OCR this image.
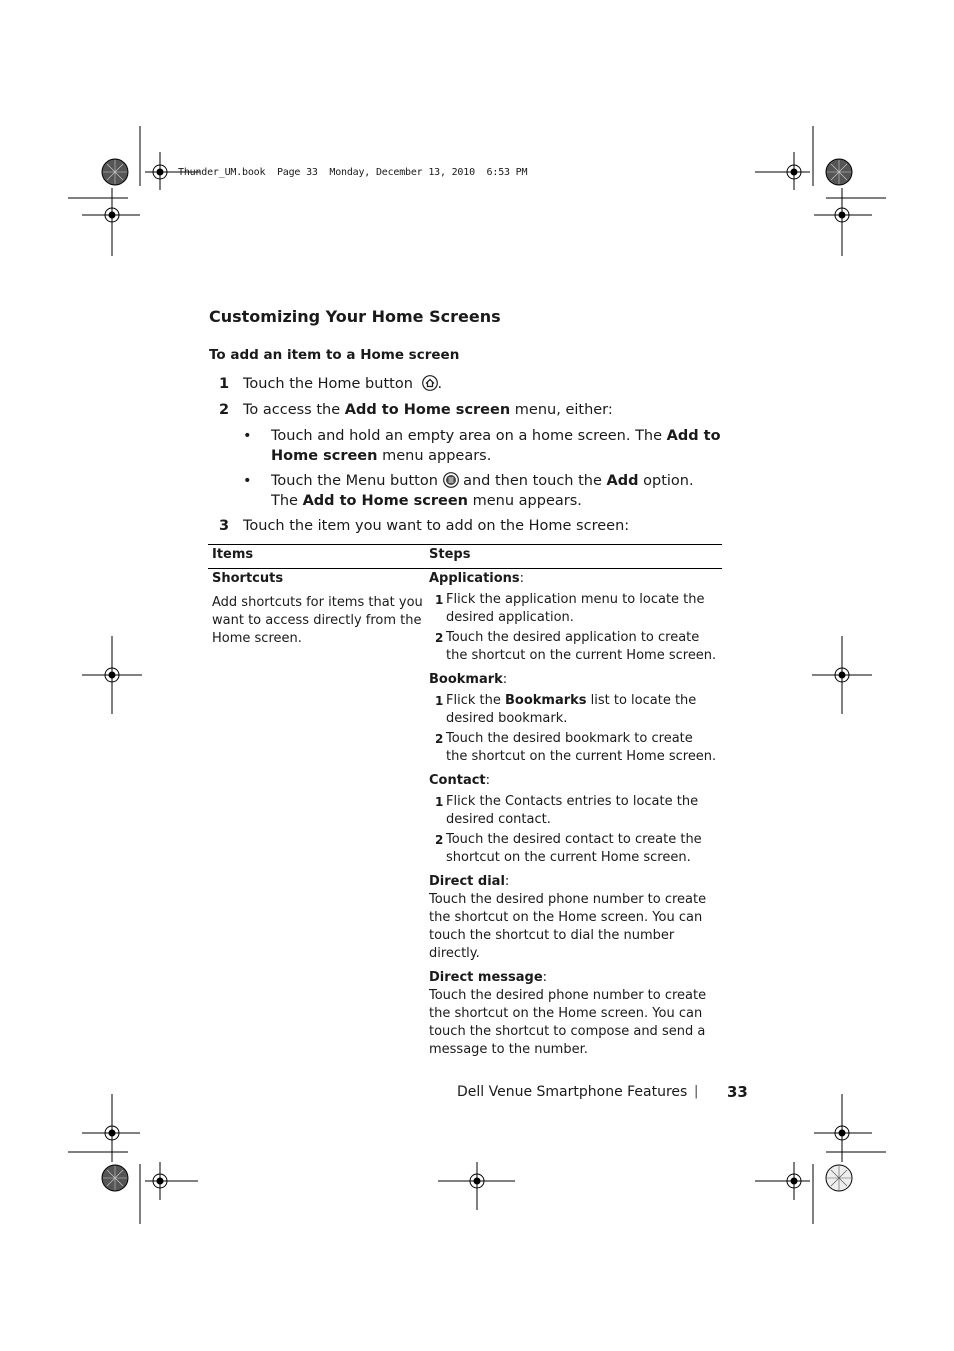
Thunder_UM.book Page 33 Monday, December 13, 2010 6:53 PM
Customizing Your Home Screens
To add an item to a Home screen
1 Touch the Home button .
2 To access the Add to Home screen menu, either:
• Touch and hold an empty area on a home screen. The Add to
Home screen menu appears.
• Touch the Menu button  and then touch the Add option.
The Add to Home screen menu appears.
3 Touch the item you want to add on the Home screen:
Items	Steps
Shortcuts
Add shortcuts for items that you
want to access directly from the
Home screen.
Applications:
1 Flick the application menu to locate the
desired application.
2 Touch the desired application to create
the shortcut on the current Home screen.
Bookmark:
1 Flick the Bookmarks list to locate the
desired bookmark.
2 Touch the desired bookmark to create
the shortcut on the current Home screen.
Contact:
1 Flick the Contacts entries to locate the
desired contact.
2 Touch the desired contact to create the
shortcut on the current Home screen.
Direct dial:
Touch the desired phone number to create
the shortcut on the Home screen. You can
touch the shortcut to dial the number
directly.
Direct message:
Touch the desired phone number to create
the shortcut on the Home screen. You can
touch the shortcut to compose and send a
message to the number.
Dell Venue Smartphone Features | 33
